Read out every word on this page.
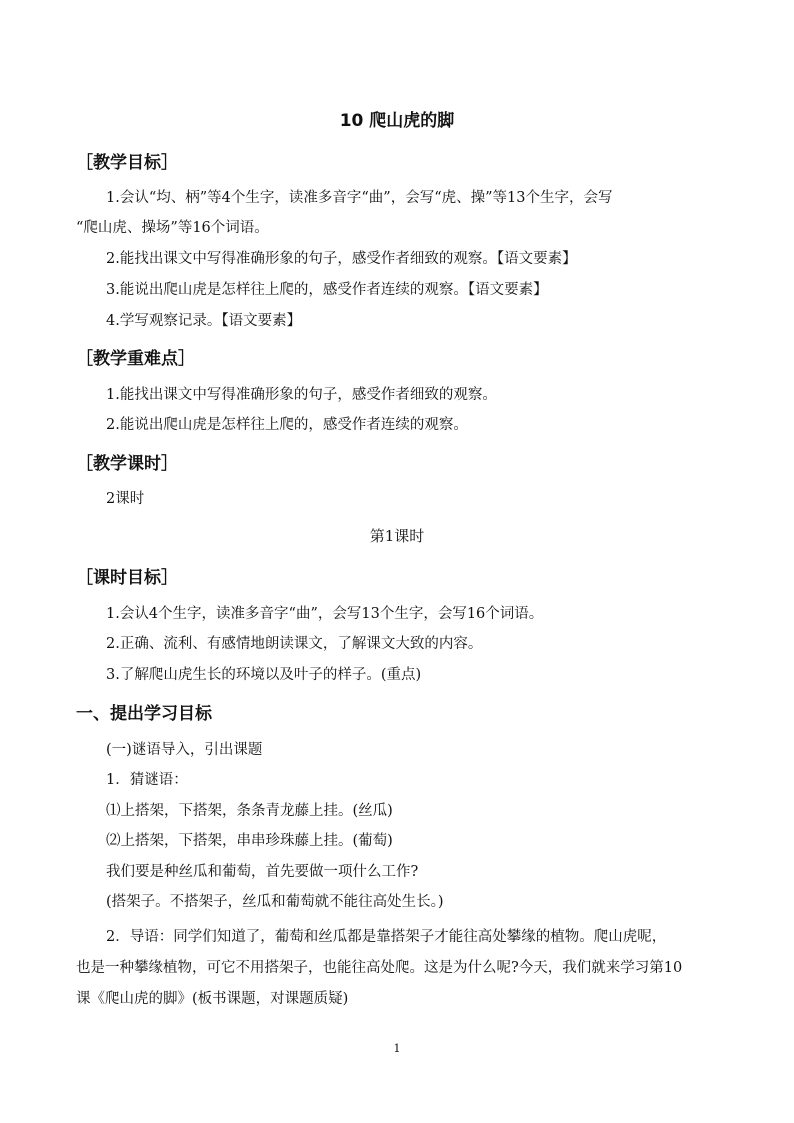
10 爬山虎的脚
［教学目标］
1.会认“均、柄”等4个生字，读准多音字“曲”，会写“虎、操”等13个生字，会写
“爬山虎、操场”等16个词语。
2.能找出课文中写得准确形象的句子，感受作者细致的观察。【语文要素】
3.能说出爬山虎是怎样往上爬的，感受作者连续的观察。【语文要素】
4.学写观察记录。【语文要素】
［教学重难点］
1.能找出课文中写得准确形象的句子，感受作者细致的观察。
2.能说出爬山虎是怎样往上爬的，感受作者连续的观察。
［教学课时］
2课时
第1课时
［课时目标］
1.会认4个生字，读准多音字“曲”，会写13个生字，会写16个词语。
2.正确、流利、有感情地朗读课文，了解课文大致的内容。
3.了解爬山虎生长的环境以及叶子的样子。(重点)
一、提出学习目标
(一)谜语导入，引出课题
1．猜谜语：
⑴上搭架，下搭架，条条青龙藤上挂。(丝瓜)
⑵上搭架，下搭架，串串珍珠藤上挂。(葡萄)
我们要是种丝瓜和葡萄，首先要做一项什么工作?
(搭架子。不搭架子，丝瓜和葡萄就不能往高处生长。)
2．导语：同学们知道了，葡萄和丝瓜都是靠搭架子才能往高处攀缘的植物。爬山虎呢，
也是一种攀缘植物，可它不用搭架子，也能往高处爬。这是为什么呢?今天，我们就来学习第10
课《爬山虎的脚》(板书课题，对课题质疑)
1
